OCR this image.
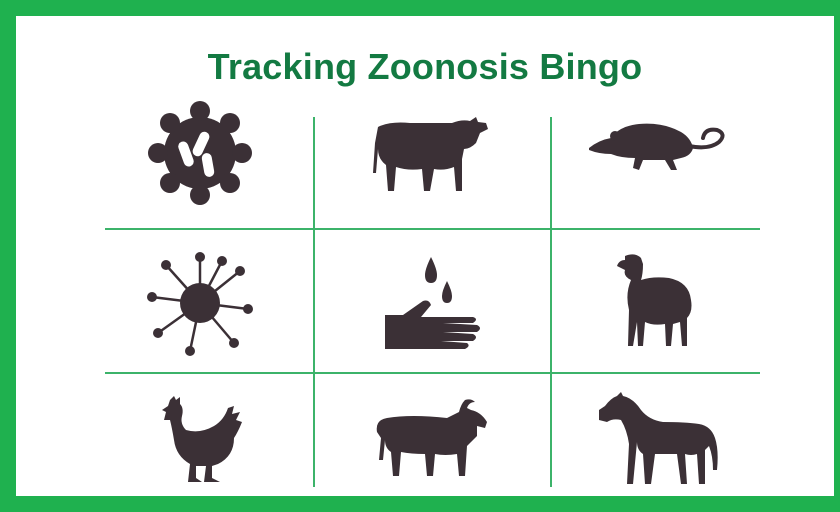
Tracking Zoonosis Bingo
